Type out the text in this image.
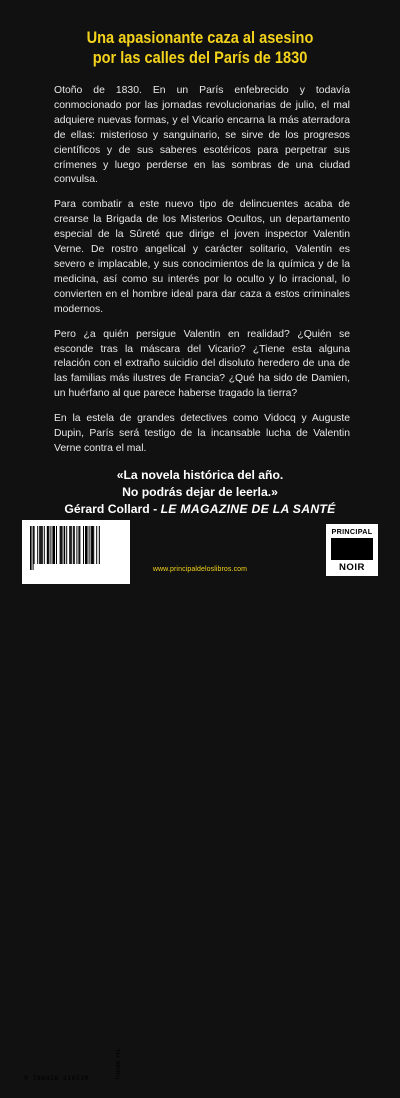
Una apasionante caza al asesino
por las calles del París de 1830

Otoño de 1830. En un París enfebrecido y todavía conmocionado por las jornadas revolucionarias de julio, el mal adquiere nuevas formas, y el Vicario encarna la más aterradora de ellas: misterioso y sanguinario, se sirve de los progresos científicos y de sus saberes esotéricos para perpetrar sus crímenes y luego perderse en las sombras de una ciudad convulsa.

Para combatir a este nuevo tipo de delincuentes acaba de crearse la Brigada de los Misterios Ocultos, un departamento especial de la Sûreté que dirige el joven inspector Valentin Verne. De rostro angelical y carácter solitario, Valentin es severo e implacable, y sus conocimientos de la química y de la medicina, así como su interés por lo oculto y lo irracional, lo convierten en el hombre ideal para dar caza a estos criminales modernos.

Pero ¿a quién persigue Valentin en realidad? ¿Quién se esconde tras la máscara del Vicario? ¿Tiene esta alguna relación con el extraño suicidio del disoluto heredero de una de las familias más ilustres de Francia? ¿Qué ha sido de Damien, un huérfano al que parece haberse tragado la tierra?

En la estela de grandes detectives como Vidocq y Auguste Dupin, París será testigo de la incansable lucha de Valentin Verne contra el mal.

«La novela histórica del año.
No podrás dejar de leerla.»
Gérard Collard - LE MAGAZINE DE LA SANTÉ
9 788418 216510	THEMA: FFL
www.principaldeloslibros.com
PRINCIPAL
NOIR
